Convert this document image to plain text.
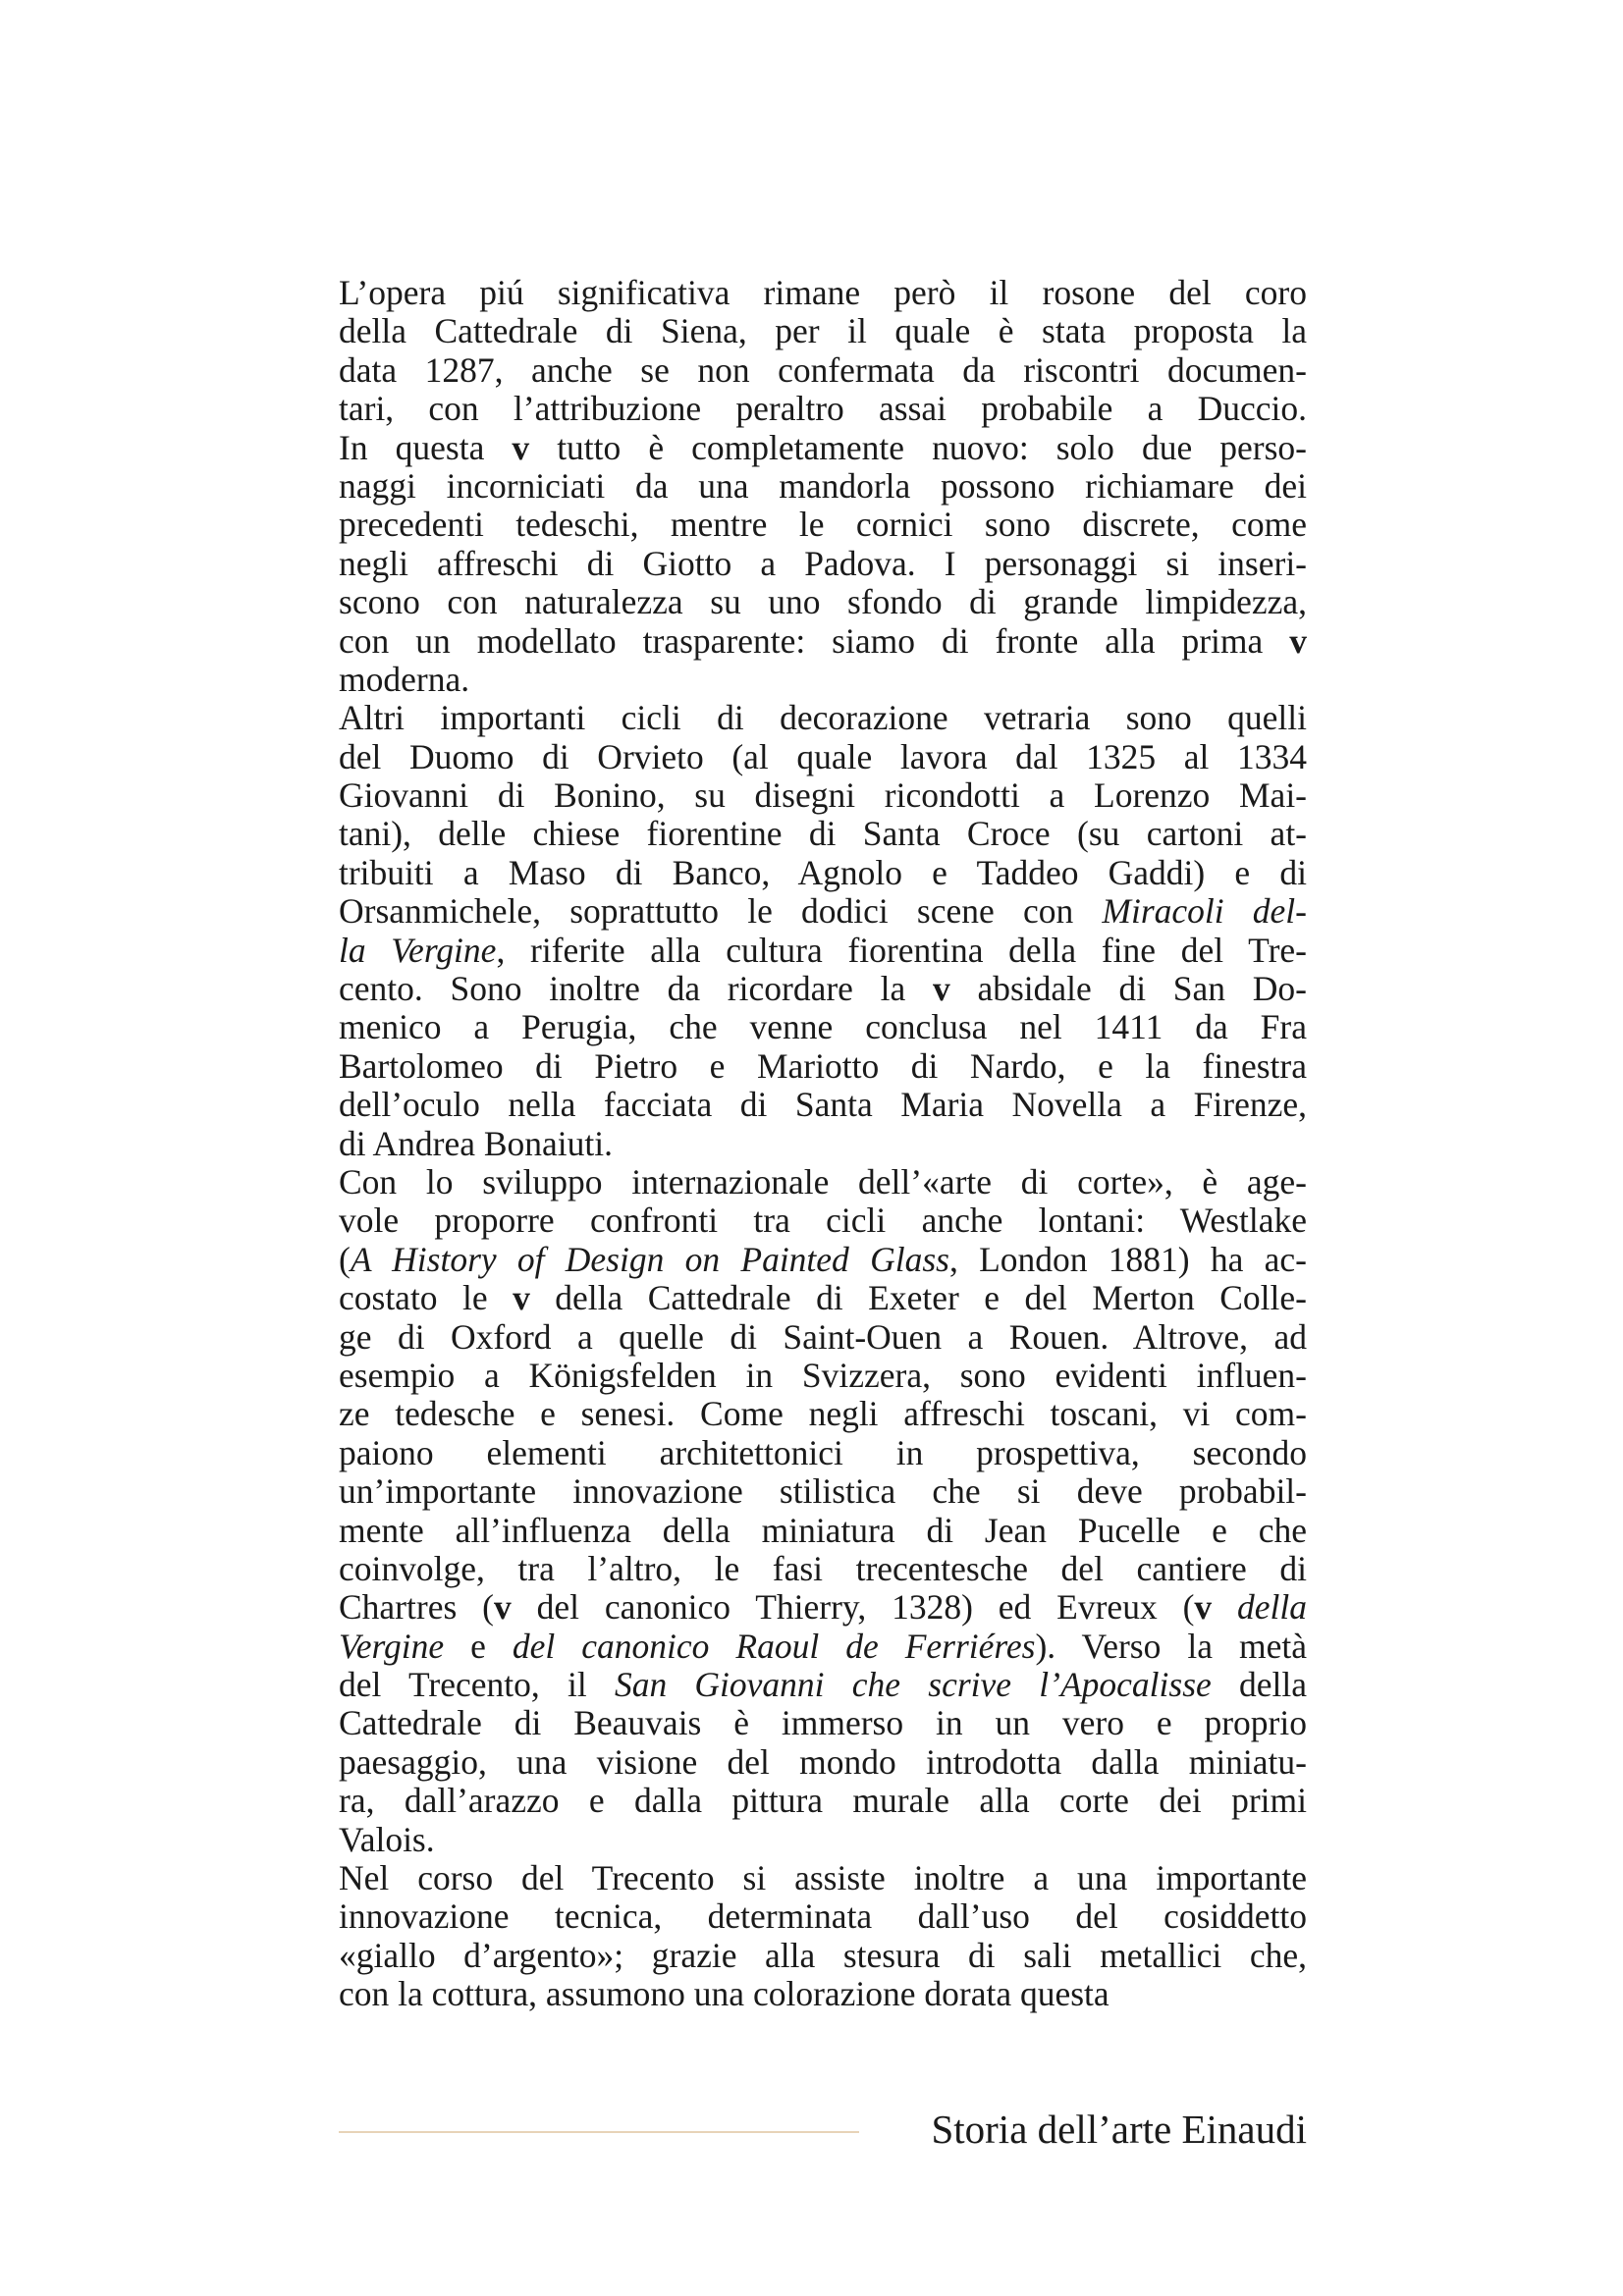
L’opera piú significativa rimane però il rosone del coro
della Cattedrale di Siena, per il quale è stata proposta la
data 1287, anche se non confermata da riscontri documen-
tari, con l’attribuzione peraltro assai probabile a Duccio.
In questa v tutto è completamente nuovo: solo due perso-
naggi incorniciati da una mandorla possono richiamare dei
precedenti tedeschi, mentre le cornici sono discrete, come
negli affreschi di Giotto a Padova. I personaggi si inseri-
scono con naturalezza su uno sfondo di grande limpidezza,
con un modellato trasparente: siamo di fronte alla prima v
moderna.
Altri importanti cicli di decorazione vetraria sono quelli
del Duomo di Orvieto (al quale lavora dal 1325 al 1334
Giovanni di Bonino, su disegni ricondotti a Lorenzo Mai-
tani), delle chiese fiorentine di Santa Croce (su cartoni at-
tribuiti a Maso di Banco, Agnolo e Taddeo Gaddi) e di
Orsanmichele, soprattutto le dodici scene con Miracoli del-
la Vergine, riferite alla cultura fiorentina della fine del Tre-
cento. Sono inoltre da ricordare la v absidale di San Do-
menico a Perugia, che venne conclusa nel 1411 da Fra
Bartolomeo di Pietro e Mariotto di Nardo, e la finestra
dell’oculo nella facciata di Santa Maria Novella a Firenze,
di Andrea Bonaiuti.
Con lo sviluppo internazionale dell’«arte di corte», è age-
vole proporre confronti tra cicli anche lontani: Westlake
(A History of Design on Painted Glass, London 1881) ha ac-
costato le v della Cattedrale di Exeter e del Merton Colle-
ge di Oxford a quelle di Saint-Ouen a Rouen. Altrove, ad
esempio a Königsfelden in Svizzera, sono evidenti influen-
ze tedesche e senesi. Come negli affreschi toscani, vi com-
paiono elementi architettonici in prospettiva, secondo
un’importante innovazione stilistica che si deve probabil-
mente all’influenza della miniatura di Jean Pucelle e che
coinvolge, tra l’altro, le fasi trecentesche del cantiere di
Chartres (v del canonico Thierry, 1328) ed Evreux (v della
Vergine e del canonico Raoul de Ferriéres). Verso la metà
del Trecento, il San Giovanni che scrive l’Apocalisse della
Cattedrale di Beauvais è immerso in un vero e proprio
paesaggio, una visione del mondo introdotta dalla miniatu-
ra, dall’arazzo e dalla pittura murale alla corte dei primi
Valois.
Nel corso del Trecento si assiste inoltre a una importante
innovazione tecnica, determinata dall’uso del cosiddetto
«giallo d’argento»; grazie alla stesura di sali metallici che,
con la cottura, assumono una colorazione dorata questa
Storia dell’arte Einaudi
